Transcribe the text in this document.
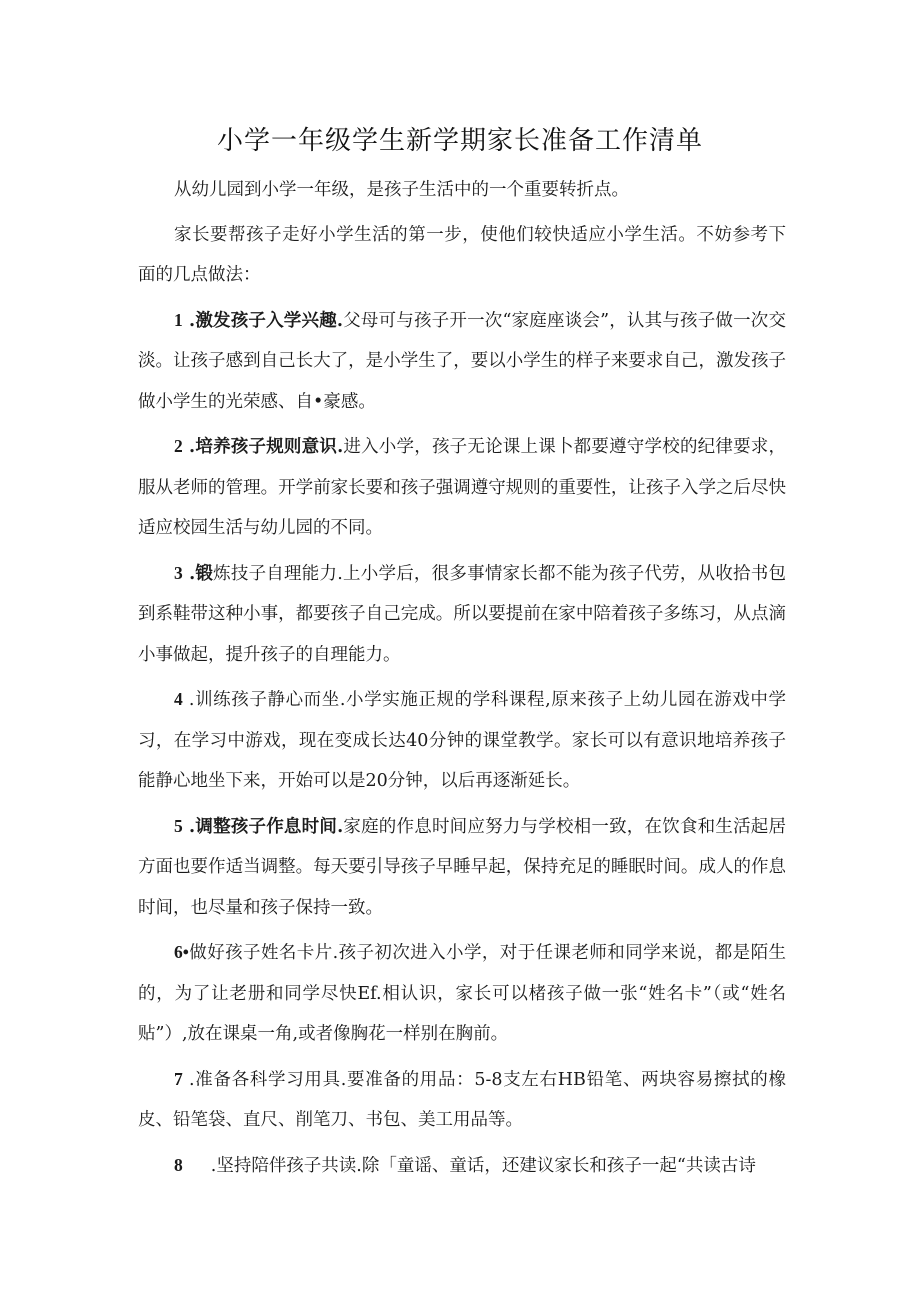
小学一年级学生新学期家长准备工作清单

从幼儿园到小学一年级，是孩子生活中的一个重要转折点。

家长要帮孩子走好小学生活的第一步，使他们较快适应小学生活。不妨参考下面的几点做法：

1 .激发孩子入学兴趣.父母可与孩子开一次“家庭座谈会”，认其与孩子做一次交淡。让孩子感到自己长大了，是小学生了，要以小学生的样子来要求自己，激发孩子做小学生的光荣感、自•豪感。

2 .培养孩子规则意识.进入小学，孩子无论课上课卜都要遵守学校的纪律要求，服从老师的管理。开学前家长要和孩子强调遵守规则的重要性，让孩子入学之后尽快适应校园生活与幼儿园的不同。

3 .锻炼技子自理能力.上小学后，很多事情家长都不能为孩子代劳，从收拾书包到系鞋带这种小事，都要孩子自己完成。所以要提前在家中陪着孩子多练习，从点滴小事做起，提升孩子的自理能力。

4 .训练孩子静心而坐.小学实施正规的学科课程,原来孩子上幼儿园在游戏中学习，在学习中游戏，现在变成长达40分钟的课堂教学。家长可以有意识地培养孩子能静心地坐下来，开始可以是20分钟，以后再逐渐延长。

5 .调整孩子作息时间.家庭的作息时间应努力与学校相一致，在饮食和生活起居方面也要作适当调整。每天要引导孩子早睡早起，保持充足的睡眠时间。成人的作息时间，也尽量和孩子保持一致。

6•做好孩子姓名卡片.孩子初次进入小学，对于任课老师和同学来说，都是陌生的，为了让老册和同学尽快Ef.相认识，家长可以楮孩子做一张“姓名卡”（或“姓名贴”）,放在课桌一角,或者像胸花一样别在胸前。

7 .准备各科学习用具.要准备的用品：5-8支左右HB铅笔、两块容易擦拭的橡皮、铅笔袋、直尺、削笔刀、书包、美工用品等。

8 .坚持陪伴孩子共读.除「童谣、童话，还建议家长和孩子一起“共读古诗
